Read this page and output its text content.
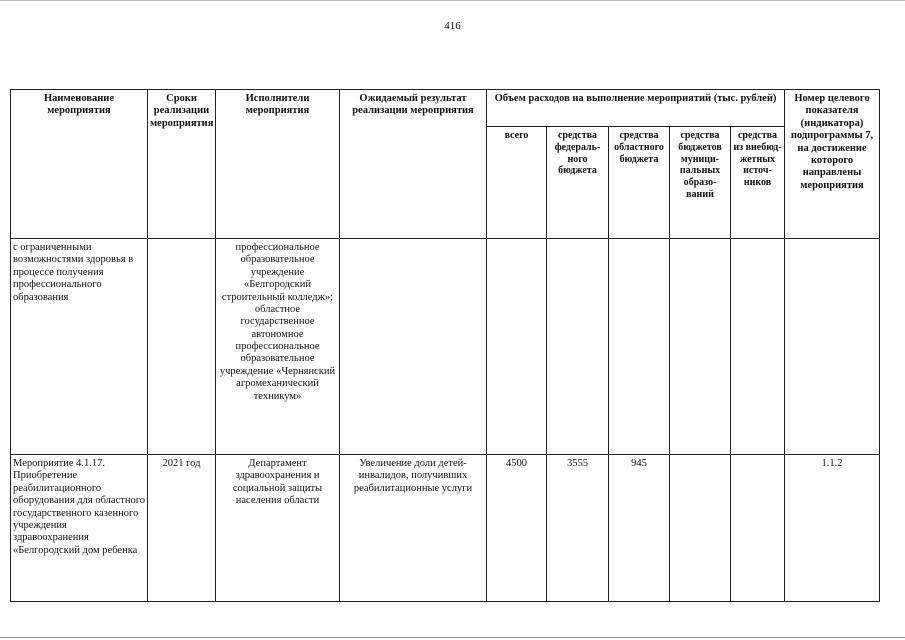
416
Наименование мероприятия	Сроки реализации мероприятия	Исполнители мероприятия	Ожидаемый результат реализации мероприятия	Объем расходов на выполнение мероприятий (тыс. рублей)					Номер целевого показателя (индикатора) подпрограммы 7, на достижение которого направлены мероприятия
				всего	средства федераль-ного бюджета	средства областного бюджета	средства бюджетов муници-пальных образо-ваний	средства из внебюд-жетных источ-ников	
с ограниченными возможностями здоровья в процессе получения профессионального образования		профессиональное образовательное учреждение «Белгородский строительный колледж»; областное государственное автономное профессиональное образовательное учреждение «Чернянский агромеханический техникум»							
Мероприятие 4.1.17. Приобретение реабилитационного оборудования для областного государственного казенного учреждения здравоохранения «Белгородский дом ребенка	2021 год	Департамент здравоохранения и социальной защиты населения области	Увеличение доли детей-инвалидов, получивших реабилитационные услуги	4500	3555	945			1.1.2
